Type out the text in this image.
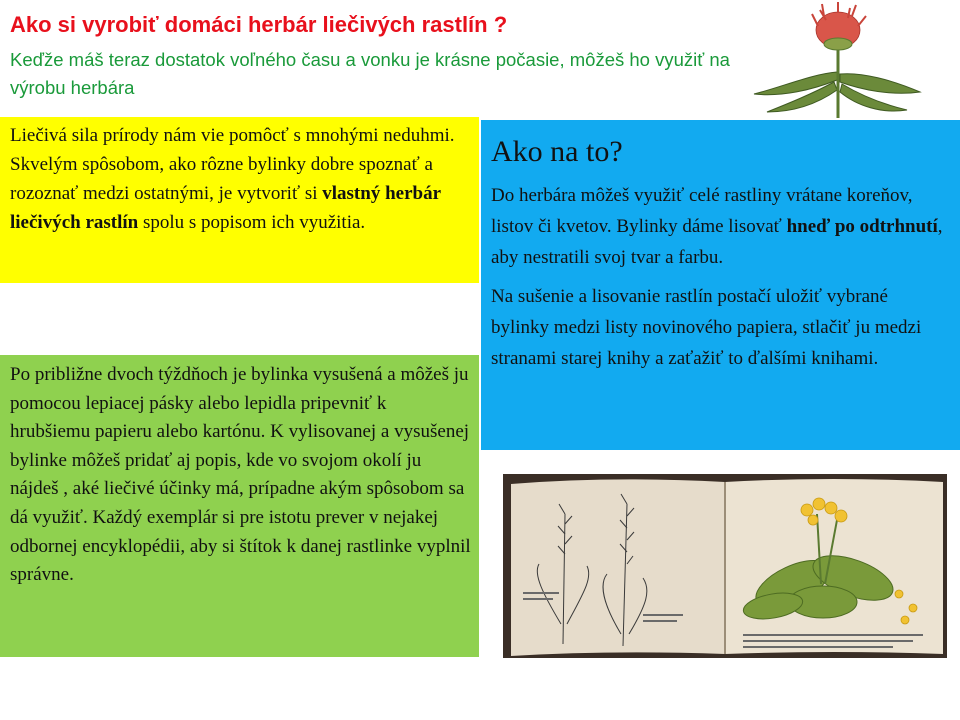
Ako si vyrobiť domáci herbár liečivých rastlín ?
Keďže máš teraz dostatok voľného času a vonku je krásne počasie, môžeš ho využiť na výrobu herbára

Liečivá sila prírody nám vie pomôcť s mnohými neduhmi. Skvelým spôsobom, ako rôzne bylinky dobre spoznať a rozoznať medzi ostatnými, je vytvoriť si vlastný herbár liečivých rastlín spolu s popisom ich využitia.

Ako na to?

Do herbára môžeš využiť celé rastliny vrátane koreňov, listov či kvetov. Bylinky dáme lisovať hneď po odtrhnutí, aby nestratili svoj tvar a farbu.

Na sušenie a lisovanie rastlín postačí uložiť vybrané bylinky medzi listy novinového papiera, stlačiť ju medzi stranami starej knihy a zaťažiť to ďalšími knihami.

Po približne dvoch týždňoch je bylinka vysušená a môžeš ju pomocou lepiacej pásky alebo lepidla pripevniť k hrubšiemu papieru alebo kartónu. K vylisovanej a vysušenej bylinke môžeš pridať aj popis, kde vo svojom okolí ju nájdeš , aké liečivé účinky má, prípadne akým spôsobom sa dá využiť. Každý exemplár si pre istotu prever v nejakej odbornej encyklopédii, aby si štítok k danej rastlinke vyplnil správne.
